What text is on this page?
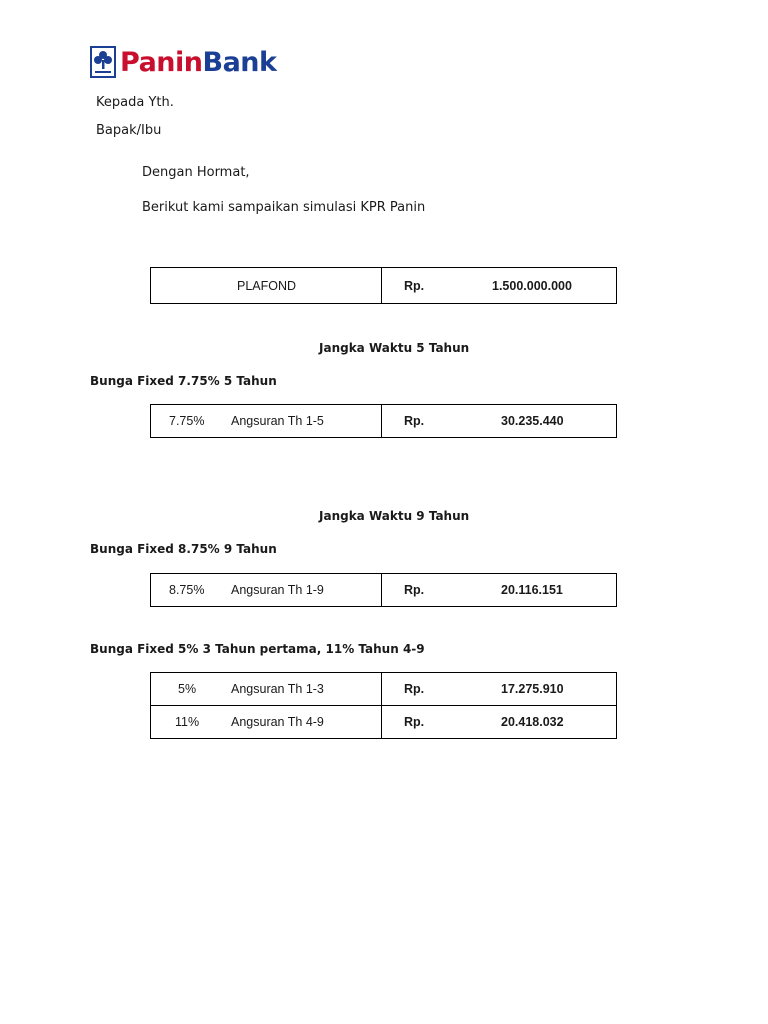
PaninBank
Kepada Yth.
Bapak/Ibu
Dengan Hormat,
Berikut kami sampaikan simulasi KPR Panin
PLAFOND	Rp.	1.500.000.000
Jangka Waktu 5 Tahun
Bunga Fixed 7.75% 5 Tahun
7.75% Angsuran Th 1-5	Rp.	30.235.440
Jangka Waktu 9 Tahun
Bunga Fixed 8.75% 9 Tahun
8.75% Angsuran Th 1-9	Rp.	20.116.151
Bunga Fixed 5% 3 Tahun pertama, 11% Tahun 4-9
5% Angsuran Th 1-3	Rp. 17.275.910

11% Angsuran Th 4-9	Rp. 20.418.032
